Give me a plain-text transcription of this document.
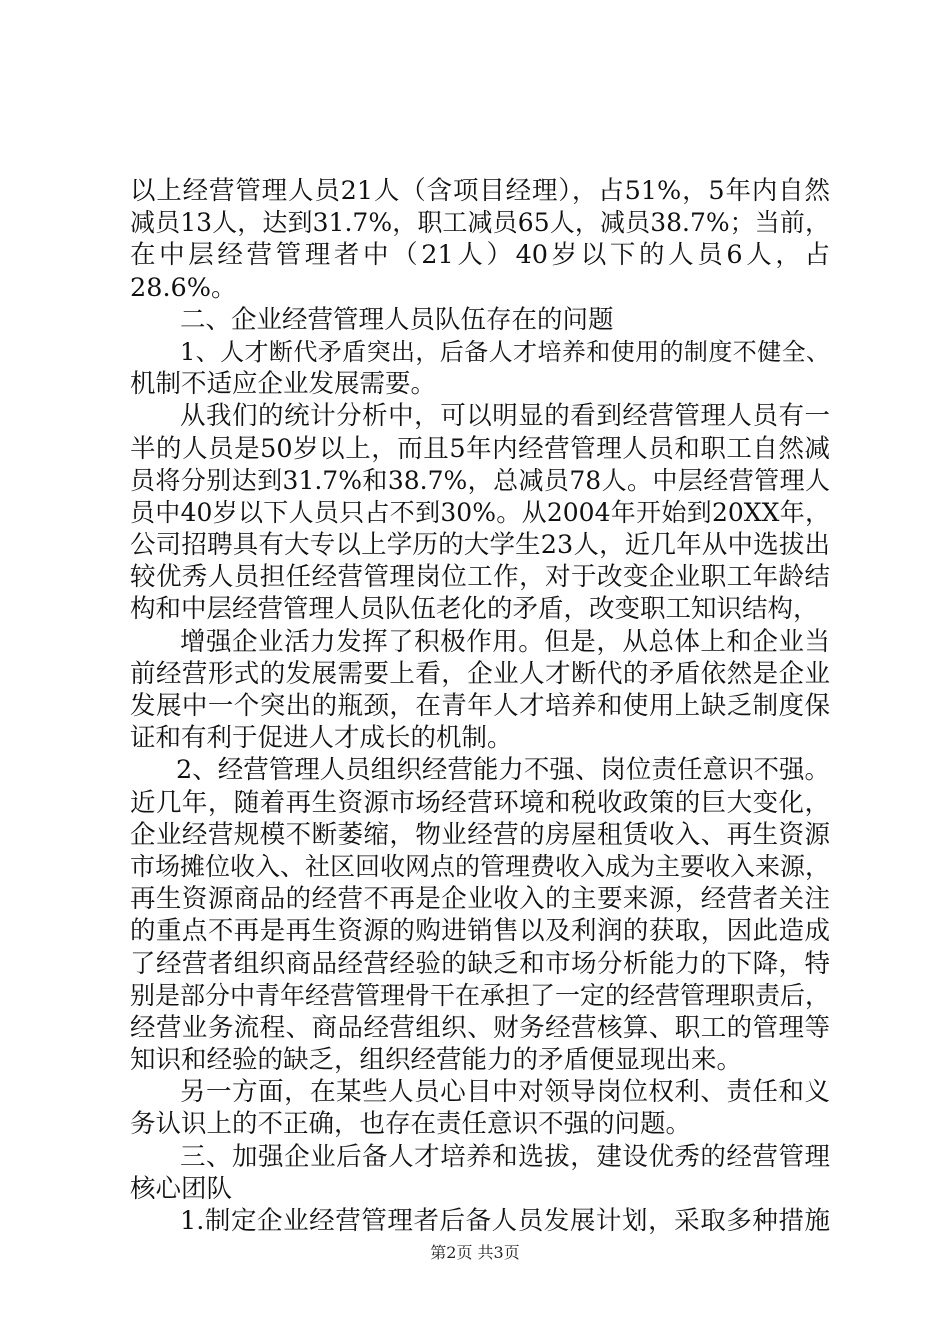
以上经营管理人员21人（含项目经理），占51%，5年内自然
减员13人，达到31.7%，职工减员65人，减员38.7%；当前，
在中层经营管理者中（21人）40岁以下的人员6人，占
28.6%。
二、企业经营管理人员队伍存在的问题
1、人才断代矛盾突出，后备人才培养和使用的制度不健全、
机制不适应企业发展需要。
从我们的统计分析中，可以明显的看到经营管理人员有一
半的人员是50岁以上，而且5年内经营管理人员和职工自然减
员将分别达到31.7%和38.7%，总减员78人。中层经营管理人
员中40岁以下人员只占不到30%。从2004年开始到20XX年，
公司招聘具有大专以上学历的大学生23人，近几年从中选拔出
较优秀人员担任经营管理岗位工作，对于改变企业职工年龄结
构和中层经营管理人员队伍老化的矛盾，改变职工知识结构，
增强企业活力发挥了积极作用。但是，从总体上和企业当
前经营形式的发展需要上看，企业人才断代的矛盾依然是企业
发展中一个突出的瓶颈，在青年人才培养和使用上缺乏制度保
证和有利于促进人才成长的机制。
2、经营管理人员组织经营能力不强、岗位责任意识不强。
近几年，随着再生资源市场经营环境和税收政策的巨大变化，
企业经营规模不断萎缩，物业经营的房屋租赁收入、再生资源
市场摊位收入、社区回收网点的管理费收入成为主要收入来源，
再生资源商品的经营不再是企业收入的主要来源，经营者关注
的重点不再是再生资源的购进销售以及利润的获取，因此造成
了经营者组织商品经营经验的缺乏和市场分析能力的下降，特
别是部分中青年经营管理骨干在承担了一定的经营管理职责后，
经营业务流程、商品经营组织、财务经营核算、职工的管理等
知识和经验的缺乏，组织经营能力的矛盾便显现出来。
另一方面，在某些人员心目中对领导岗位权利、责任和义
务认识上的不正确，也存在责任意识不强的问题。
三、加强企业后备人才培养和选拔，建设优秀的经营管理
核心团队
1.制定企业经营管理者后备人员发展计划，采取多种措施
第2页 共3页
